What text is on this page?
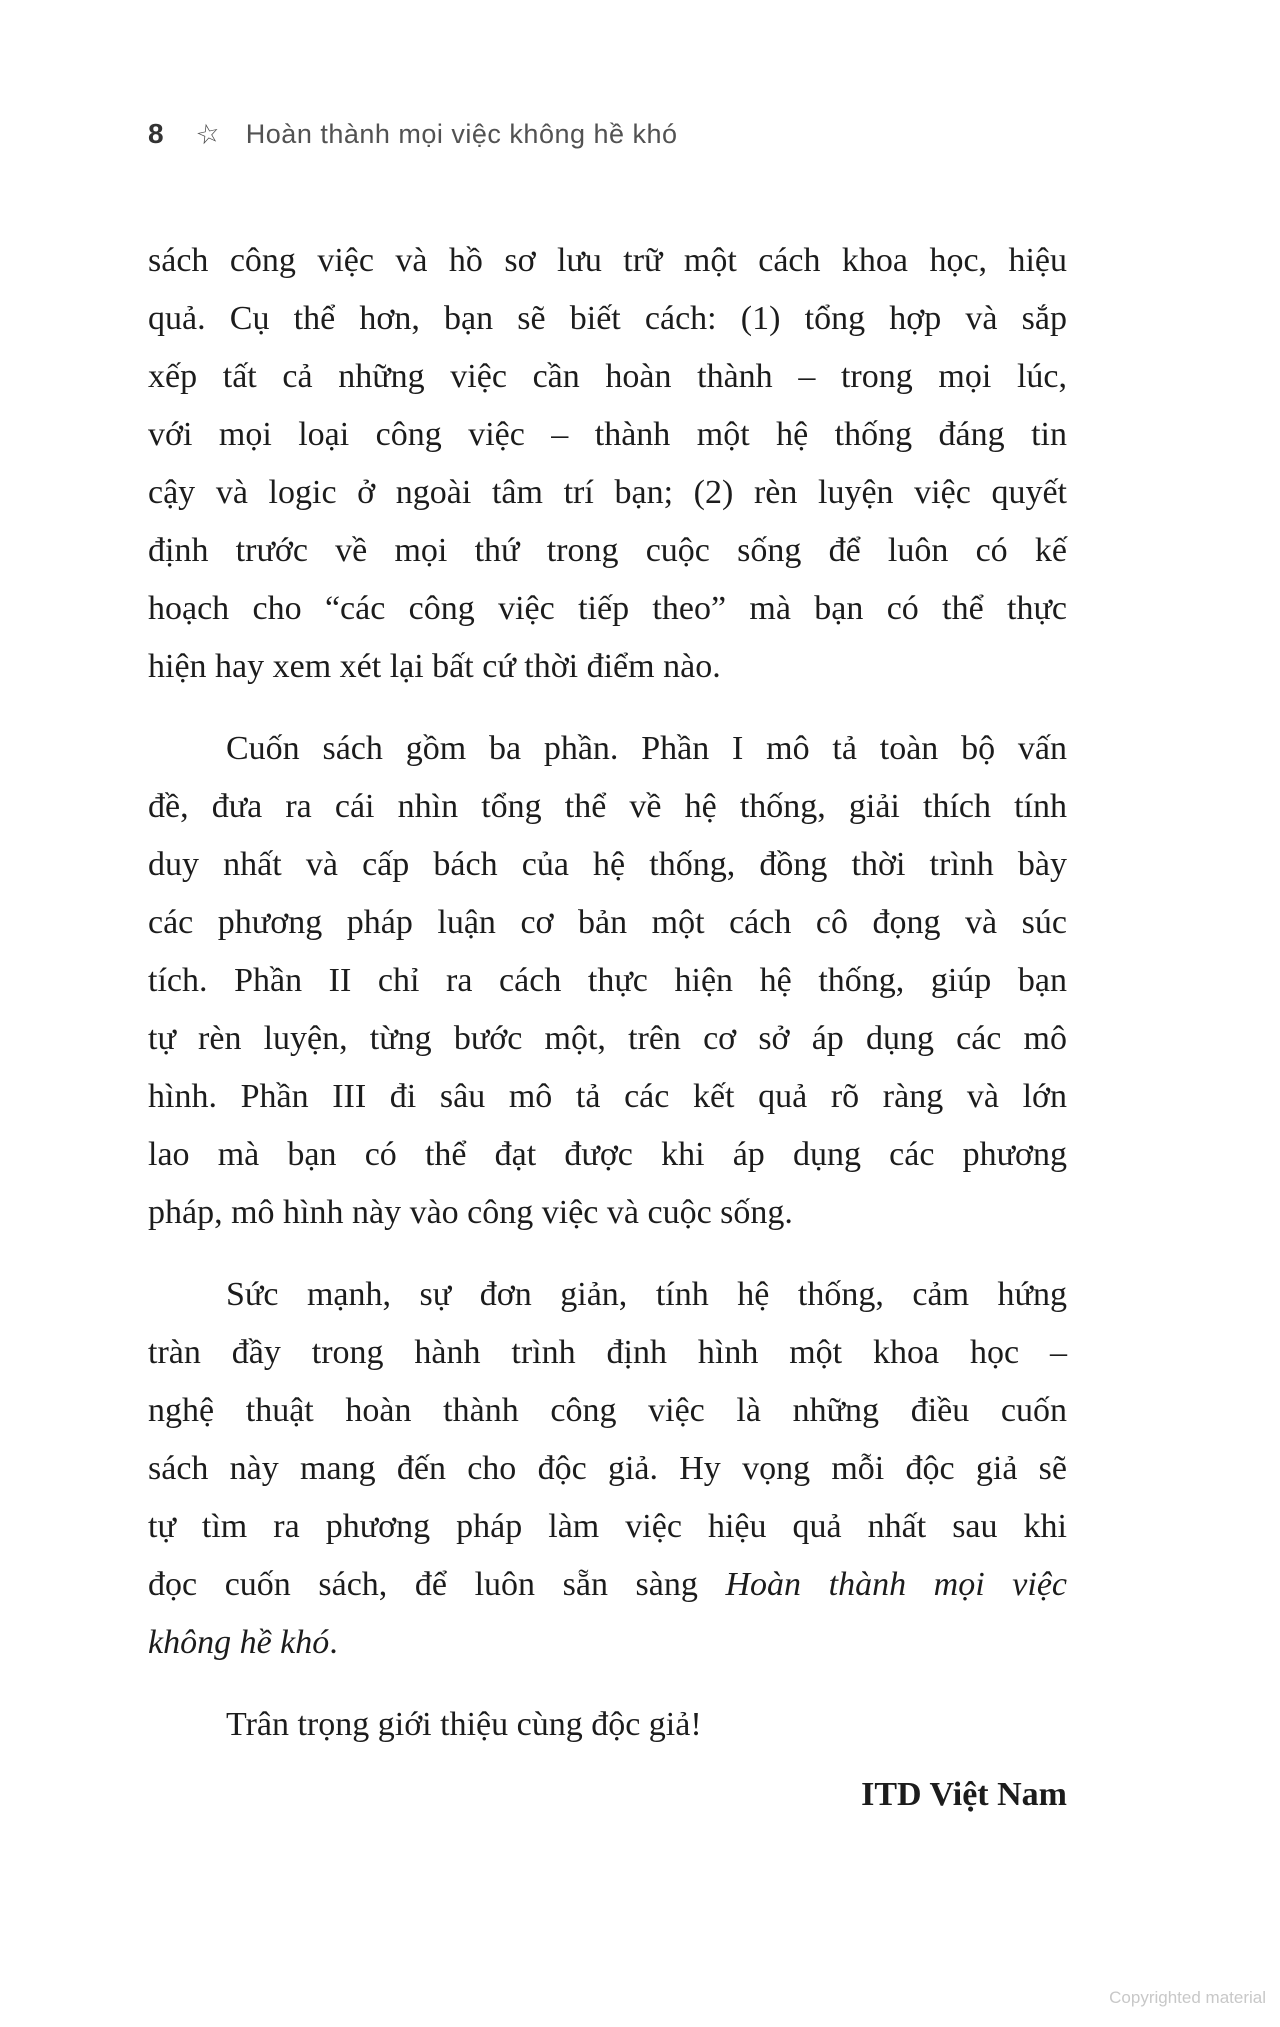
8 ☆ Hoàn thành mọi việc không hề khó
sách công việc và hồ sơ lưu trữ một cách khoa học, hiệu
quả. Cụ thể hơn, bạn sẽ biết cách: (1) tổng hợp và sắp
xếp tất cả những việc cần hoàn thành – trong mọi lúc,
với mọi loại công việc – thành một hệ thống đáng tin
cậy và logic ở ngoài tâm trí bạn; (2) rèn luyện việc quyết
định trước về mọi thứ trong cuộc sống để luôn có kế
hoạch cho “các công việc tiếp theo” mà bạn có thể thực
hiện hay xem xét lại bất cứ thời điểm nào.
Cuốn sách gồm ba phần. Phần I mô tả toàn bộ vấn
đề, đưa ra cái nhìn tổng thể về hệ thống, giải thích tính
duy nhất và cấp bách của hệ thống, đồng thời trình bày
các phương pháp luận cơ bản một cách cô đọng và súc
tích. Phần II chỉ ra cách thực hiện hệ thống, giúp bạn
tự rèn luyện, từng bước một, trên cơ sở áp dụng các mô
hình. Phần III đi sâu mô tả các kết quả rõ ràng và lớn
lao mà bạn có thể đạt được khi áp dụng các phương
pháp, mô hình này vào công việc và cuộc sống.
Sức mạnh, sự đơn giản, tính hệ thống, cảm hứng
tràn đầy trong hành trình định hình một khoa học –
nghệ thuật hoàn thành công việc là những điều cuốn
sách này mang đến cho độc giả. Hy vọng mỗi độc giả sẽ
tự tìm ra phương pháp làm việc hiệu quả nhất sau khi
đọc cuốn sách, để luôn sẵn sàng Hoàn thành mọi việc
không hề khó.
Trân trọng giới thiệu cùng độc giả!
ITD Việt Nam
Copyrighted material
